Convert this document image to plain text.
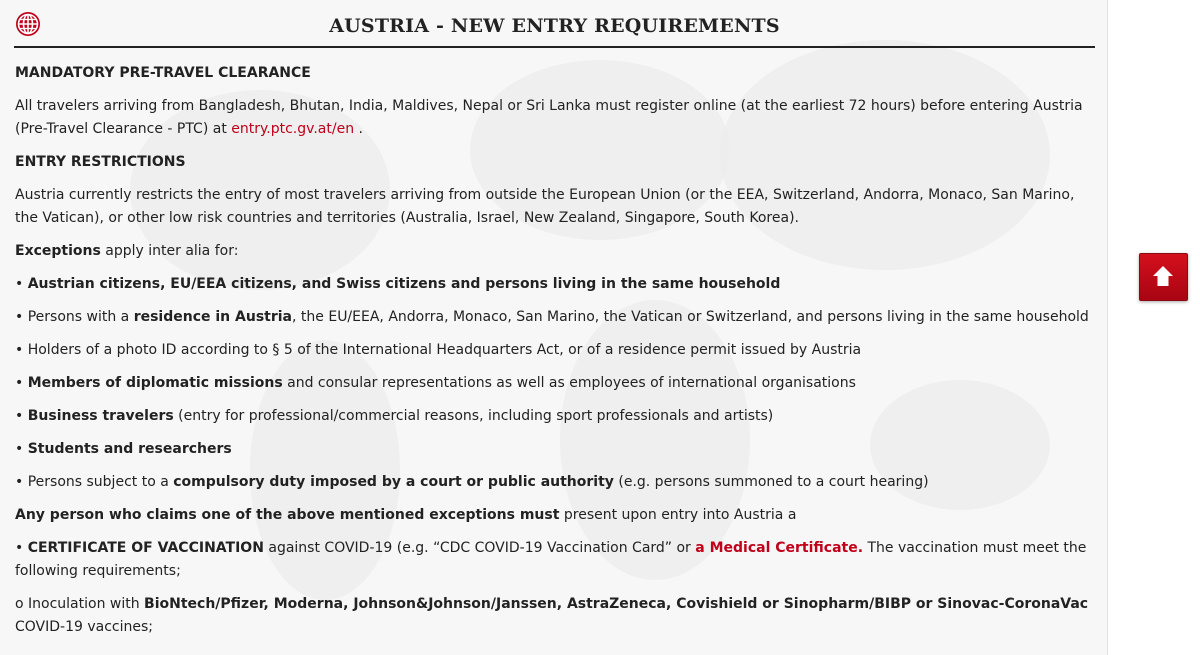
AUSTRIA - NEW ENTRY REQUIREMENTS

MANDATORY PRE-TRAVEL CLEARANCE

All travelers arriving from Bangladesh, Bhutan, India, Maldives, Nepal or Sri Lanka must register online (at the earliest 72 hours) before entering Austria (Pre-Travel Clearance - PTC) at entry.ptc.gv.at/en .

ENTRY RESTRICTIONS

Austria currently restricts the entry of most travelers arriving from outside the European Union (or the EEA, Switzerland, Andorra, Monaco, San Marino, the Vatican), or other low risk countries and territories (Australia, Israel, New Zealand, Singapore, South Korea).

Exceptions apply inter alia for:

• Austrian citizens, EU/EEA citizens, and Swiss citizens and persons living in the same household

• Persons with a residence in Austria, the EU/EEA, Andorra, Monaco, San Marino, the Vatican or Switzerland, and persons living in the same household

• Holders of a photo ID according to § 5 of the International Headquarters Act, or of a residence permit issued by Austria

• Members of diplomatic missions and consular representations as well as employees of international organisations

• Business travelers (entry for professional/commercial reasons, including sport professionals and artists)

• Students and researchers

• Persons subject to a compulsory duty imposed by a court or public authority (e.g. persons summoned to a court hearing)

Any person who claims one of the above mentioned exceptions must present upon entry into Austria a

• CERTIFICATE OF VACCINATION against COVID-19 (e.g. “CDC COVID-19 Vaccination Card” or a Medical Certificate. The vaccination must meet the following requirements;

o Inoculation with BioNtech/Pfizer, Moderna, Johnson&Johnson/Janssen, AstraZeneca, Covishield or Sinopharm/BIBP or Sinovac-CoronaVac COVID-19 vaccines;
